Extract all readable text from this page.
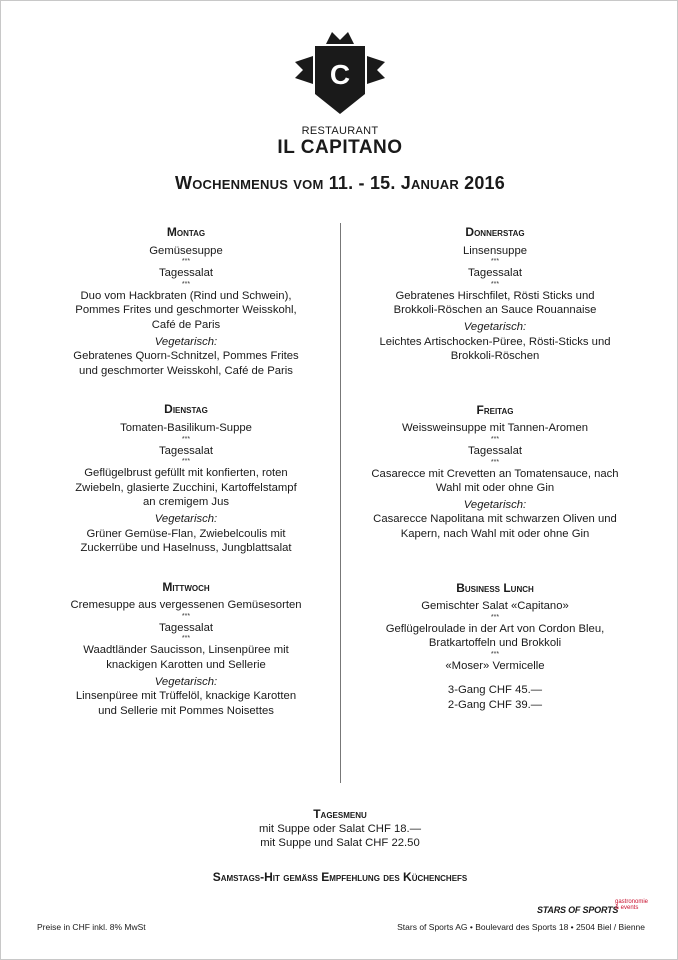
C
RESTAURANT
IL CAPITANO
Wochenmenus vom 11. - 15. Januar 2016
Montag
Gemüsesuppe
***
Tagessalat
***
Duo vom Hackbraten (Rind und Schwein),
Pommes Frites und geschmorter Weisskohl,
Café de Paris
Vegetarisch:
Gebratenes Quorn-Schnitzel, Pommes Frites
und geschmorter Weisskohl, Café de Paris
Dienstag
Tomaten-Basilikum-Suppe
***
Tagessalat
***
Geflügelbrust gefüllt mit konfierten, roten
Zwiebeln, glasierte Zucchini, Kartoffelstampf
an cremigem Jus
Vegetarisch:
Grüner Gemüse-Flan, Zwiebelcoulis mit
Zuckerrübe und Haselnuss, Jungblattsalat
Mittwoch
Cremesuppe aus vergessenen Gemüsesorten
***
Tagessalat
***
Waadtländer Saucisson, Linsenpüree mit
knackigen Karotten und Sellerie
Vegetarisch:
Linsenpüree mit Trüffelöl, knackige Karotten
und Sellerie mit Pommes Noisettes
Donnerstag
Linsensuppe
***
Tagessalat
***
Gebratenes Hirschfilet, Rösti Sticks und
Brokkoli-Röschen an Sauce Rouannaise
Vegetarisch:
Leichtes Artischocken-Püree, Rösti-Sticks und
Brokkoli-Röschen
Freitag
Weissweinsuppe mit Tannen-Aromen
***
Tagessalat
***
Casarecce mit Crevetten an Tomatensauce, nach
Wahl mit oder ohne Gin
Vegetarisch:
Casarecce Napolitana mit schwarzen Oliven und
Kapern, nach Wahl mit oder ohne Gin
Business Lunch
Gemischter Salat «Capitano»
***
Geflügelroulade in der Art von Cordon Bleu,
Bratkartoffeln und Brokkoli
***
«Moser» Vermicelle
3-Gang CHF 45.—
2-Gang CHF 39.—
Tagesmenu
mit Suppe oder Salat CHF 18.—
mit Suppe und Salat CHF 22.50
Samstags-Hit gemäss Empfehlung des Küchenchefs
Preise in CHF inkl. 8% MwSt
STARS OF SPORTS
gastronomie
& events
Stars of Sports AG • Boulevard des Sports 18 • 2504 Biel / Bienne
